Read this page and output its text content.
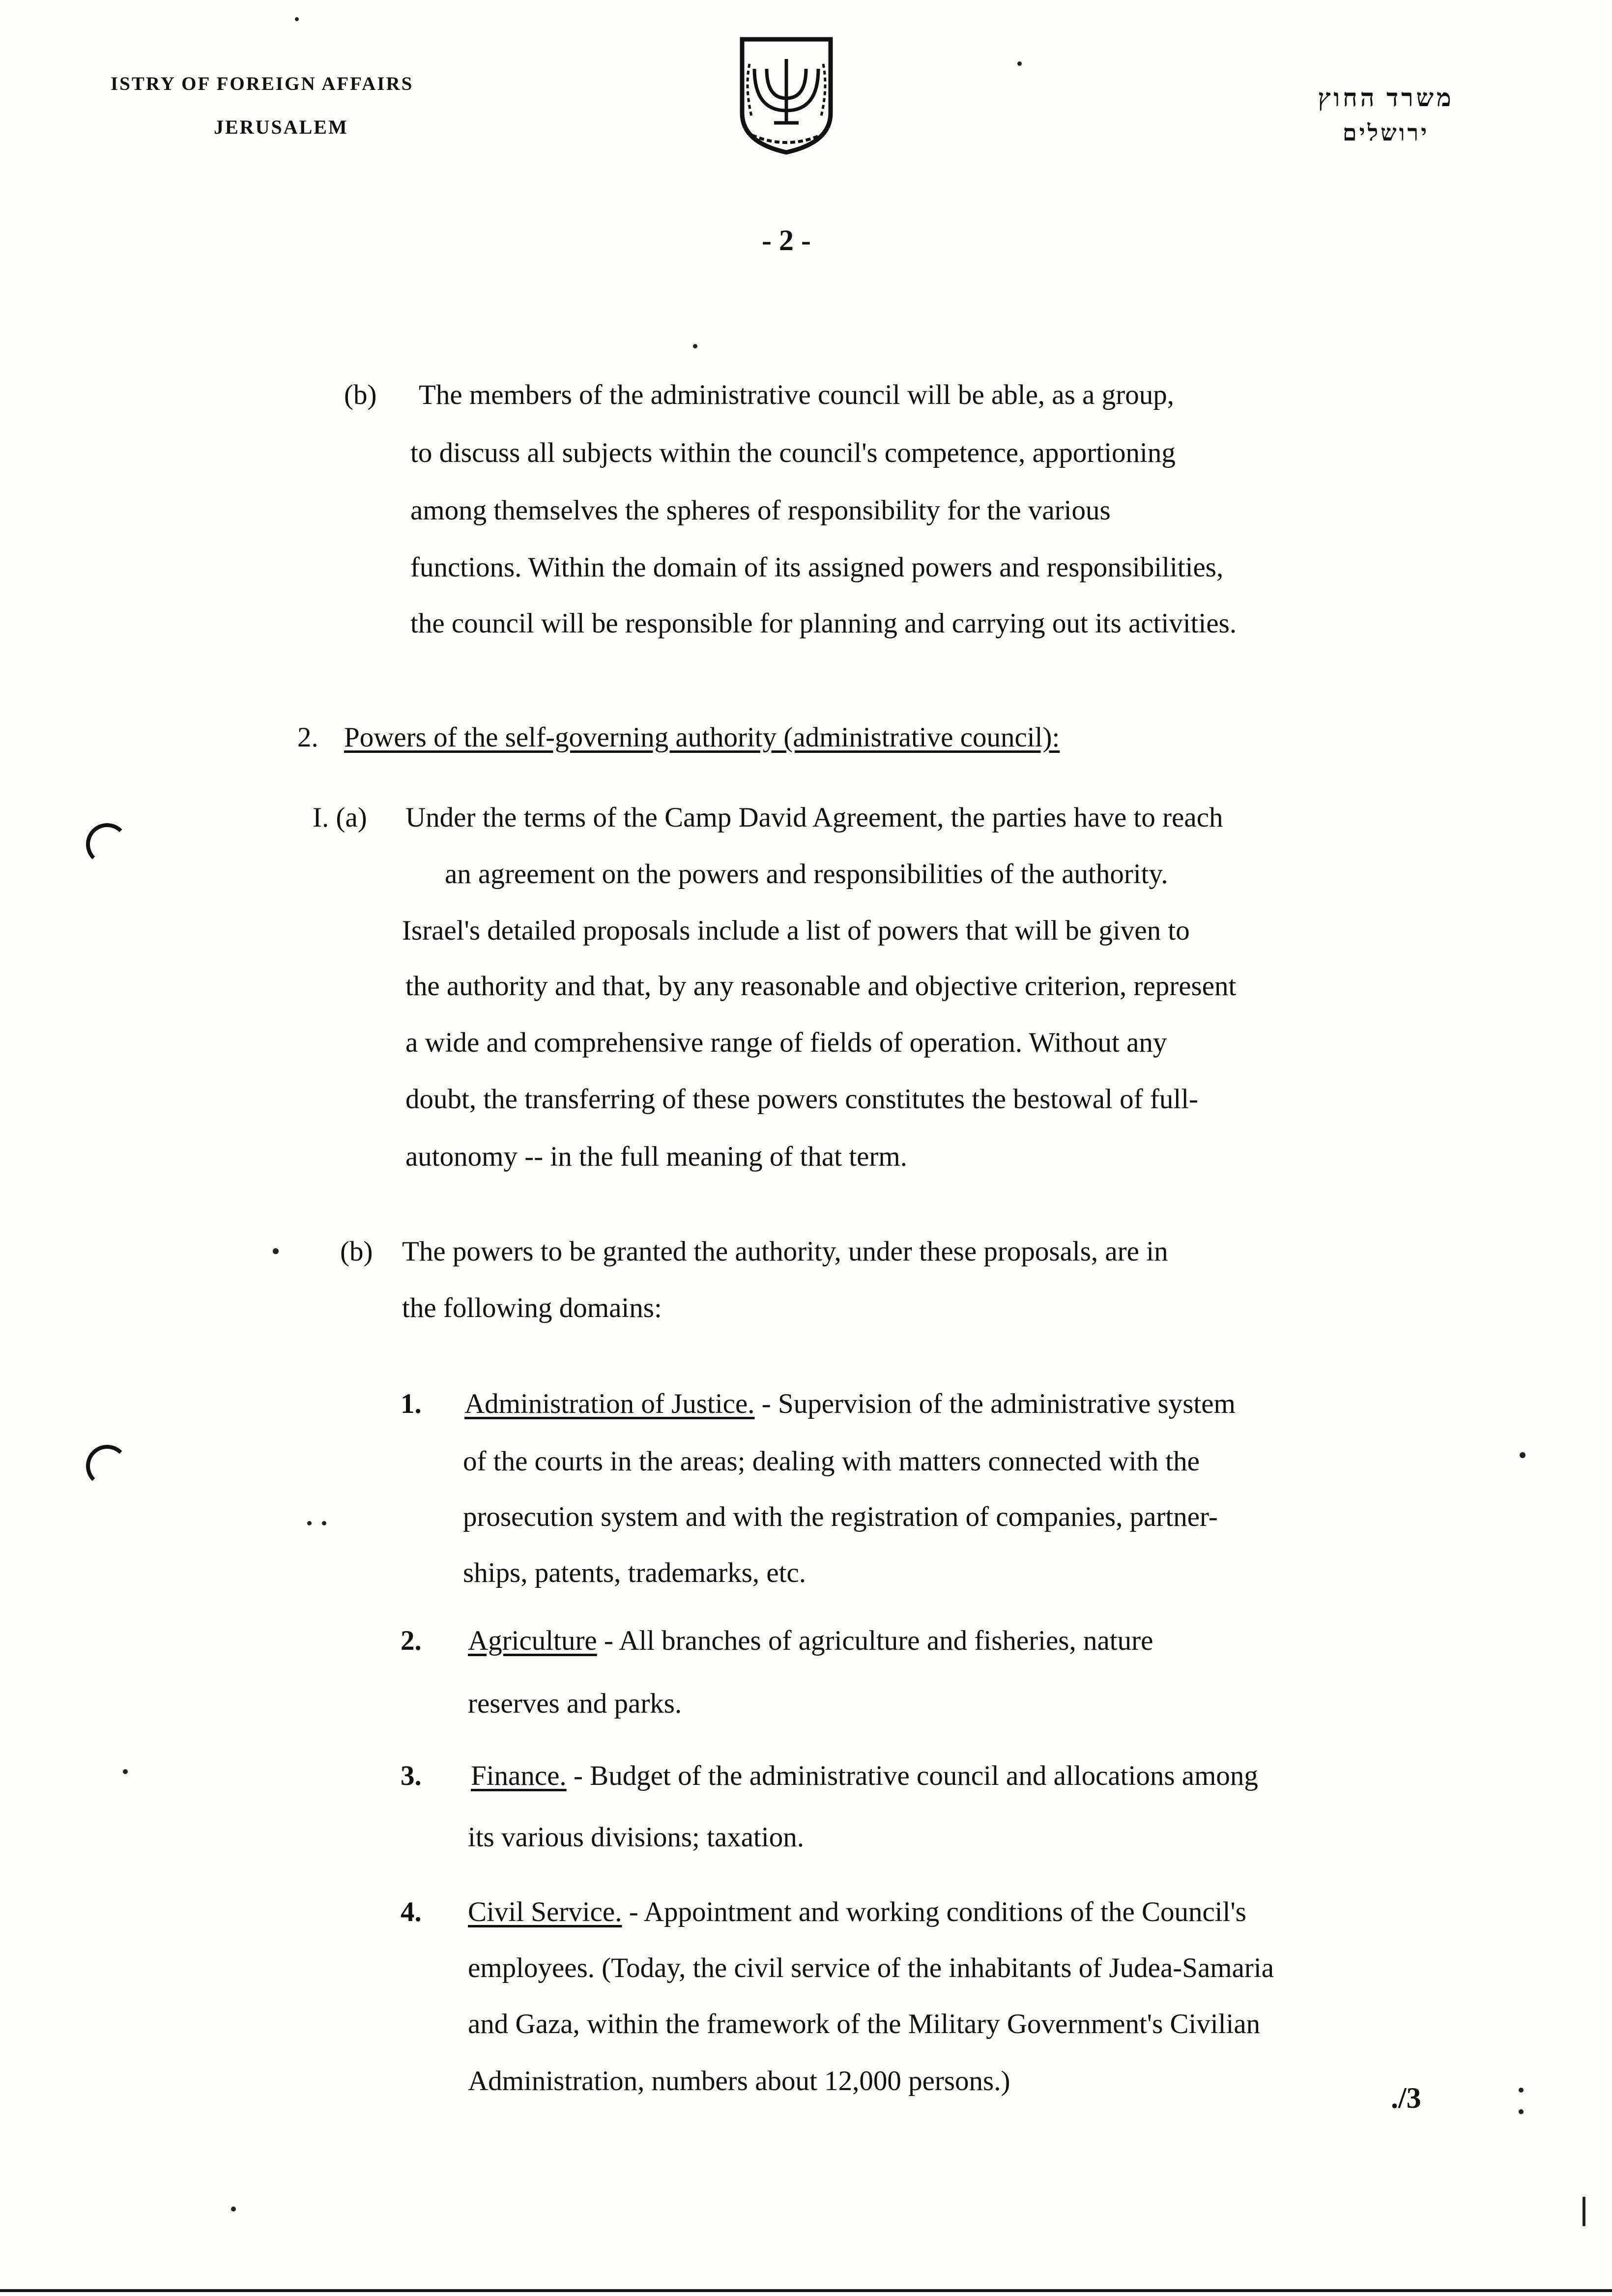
ISTRY OF FOREIGN AFFAIRS
JERUSALEM
משרד החוץ
ירושלים
- 2 -
(b) The members of the administrative council will be able, as a group,
to discuss all subjects within the council's competence, apportioning
among themselves the spheres of responsibility for the various
functions. Within the domain of its assigned powers and responsibilities,
the council will be responsible for planning and carrying out its activities.
2. Powers of the self-governing authority (administrative council):
I. (a) Under the terms of the Camp David Agreement, the parties have to reach
an agreement on the powers and responsibilities of the authority.
Israel's detailed proposals include a list of powers that will be given to
the authority and that, by any reasonable and objective criterion, represent
a wide and comprehensive range of fields of operation. Without any
doubt, the transferring of these powers constitutes the bestowal of full-
autonomy -- in the full meaning of that term.
(b) The powers to be granted the authority, under these proposals, are in
the following domains:
1. Administration of Justice. - Supervision of the administrative system
of the courts in the areas; dealing with matters connected with the
prosecution system and with the registration of companies, partner-
ships, patents, trademarks, etc.
2. Agriculture - All branches of agriculture and fisheries, nature
reserves and parks.
3. Finance. - Budget of the administrative council and allocations among
its various divisions; taxation.
4. Civil Service. - Appointment and working conditions of the Council's
employees. (Today, the civil service of the inhabitants of Judea-Samaria
and Gaza, within the framework of the Military Government's Civilian
Administration, numbers about 12,000 persons.)
./3
